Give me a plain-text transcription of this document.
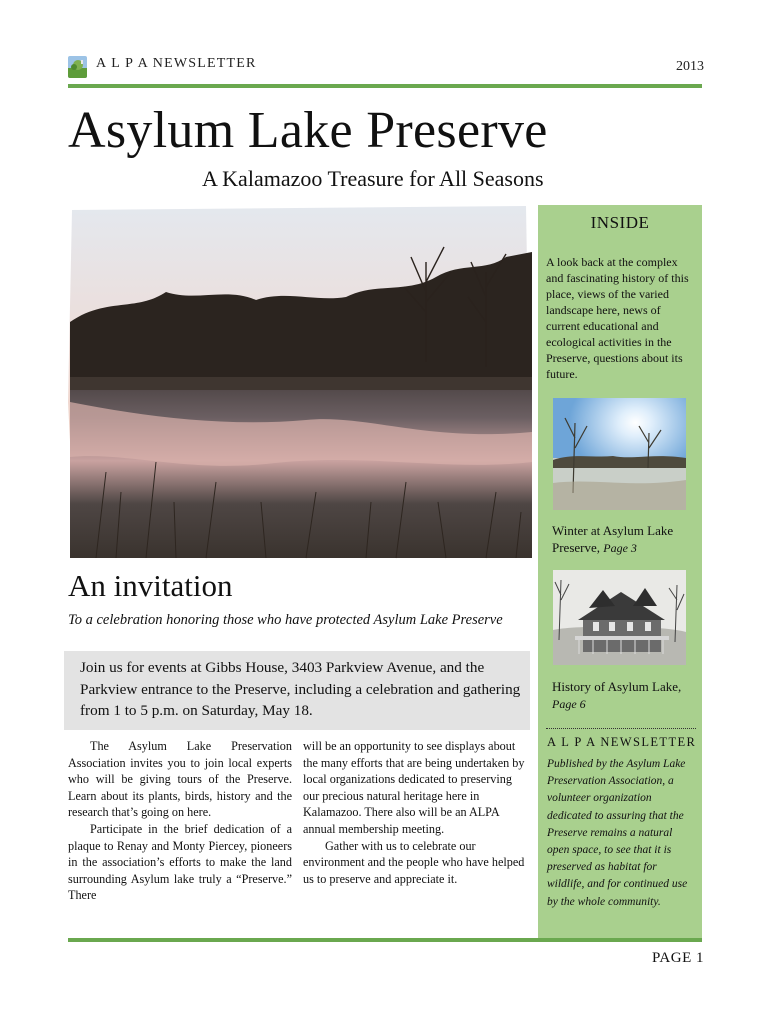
A L P A NEWSLETTER	2013
Asylum Lake Preserve
A Kalamazoo Treasure for All Seasons
INSIDE
A look back at the complex and fascinating history of this place, views of the varied landscape here, news of current educational and ecological activities in the Preserve, questions about its future.
Winter at Asylum Lake Preserve, Page 3
History of Asylum Lake, Page 6
A L P A NEWSLETTER
Published by the Asylum Lake Preservation Association, a volunteer organization dedicated to assuring that the Preserve remains a natural open space, to see that it is preserved as habitat for wildlife, and for continued use by the whole community.
An invitation
To a celebration honoring those who have protected Asylum Lake Preserve
Join us for events at Gibbs House, 3403 Parkview Avenue, and the Parkview entrance to the Preserve, including a celebration and gathering from 1 to 5 p.m. on Saturday, May 18.

The Asylum Lake Preservation Association invites you to join local experts who will be giving tours of the Preserve. Learn about its plants, birds, history and the research that’s going on here.

Participate in the brief dedication of a plaque to Renay and Monty Piercey, pioneers in the association’s efforts to make the land surrounding Asylum lake truly a “Preserve.” There

will be an opportunity to see displays about the many efforts that are being undertaken by local organizations dedicated to preserving our precious natural heritage here in Kalamazoo. There also will be an ALPA annual membership meeting.

Gather with us to celebrate our environment and the people who have helped us to preserve and appreciate it.

PAGE 1
